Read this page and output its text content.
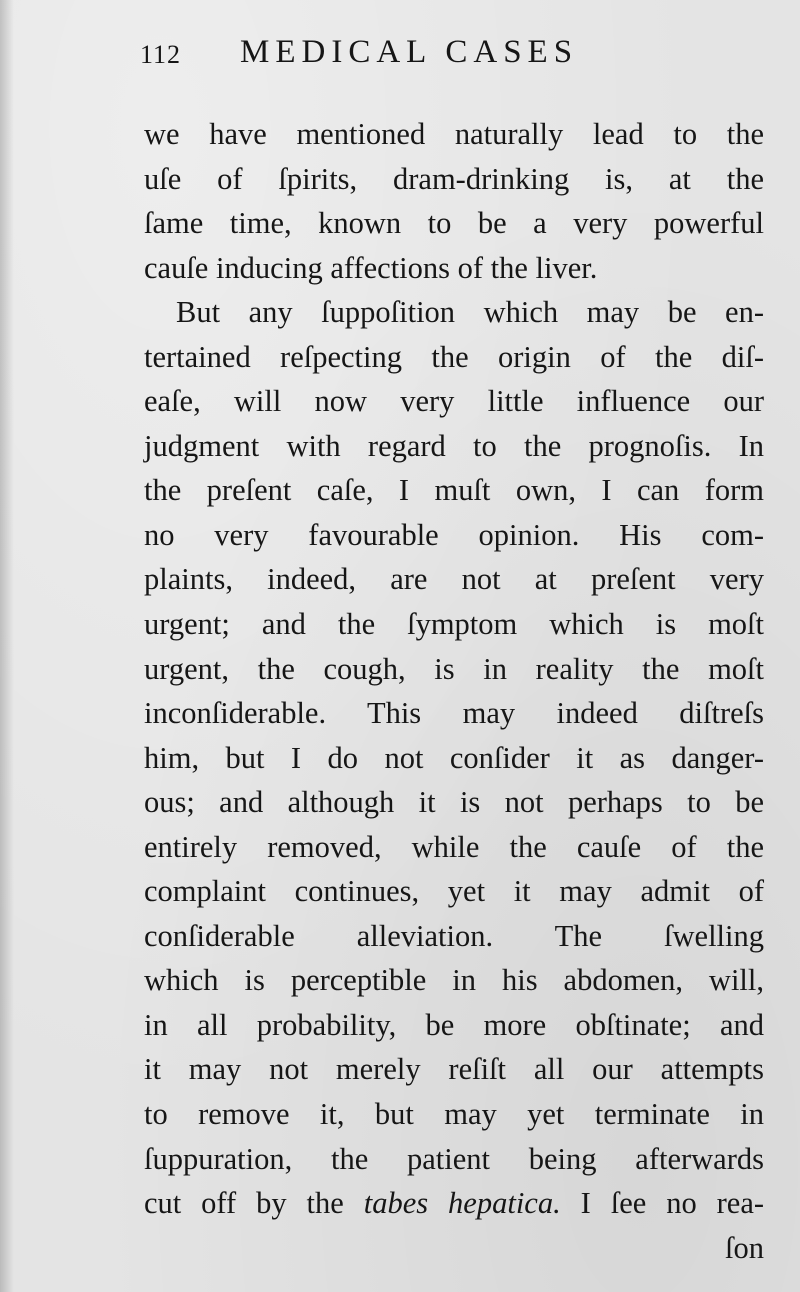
112 MEDICAL CASES
we have mentioned naturally lead to the
uſe of ſpirits, dram-drinking is, at the
ſame time, known to be a very powerful
cauſe inducing affections of the liver.
But any ſuppoſition which may be en-
tertained reſpecting the origin of the diſ-
eaſe, will now very little influence our
judgment with regard to the prognoſis. In
the preſent caſe, I muſt own, I can form
no very favourable opinion. His com-
plaints, indeed, are not at preſent very
urgent; and the ſymptom which is moſt
urgent, the cough, is in reality the moſt
inconſiderable. This may indeed diſtreſs
him, but I do not conſider it as danger-
ous; and although it is not perhaps to be
entirely removed, while the cauſe of the
complaint continues, yet it may admit of
conſiderable alleviation. The ſwelling
which is perceptible in his abdomen, will,
in all probability, be more obſtinate; and
it may not merely reſiſt all our attempts
to remove it, but may yet terminate in
ſuppuration, the patient being afterwards
cut off by the tabes hepatica. I ſee no rea-
ſon
